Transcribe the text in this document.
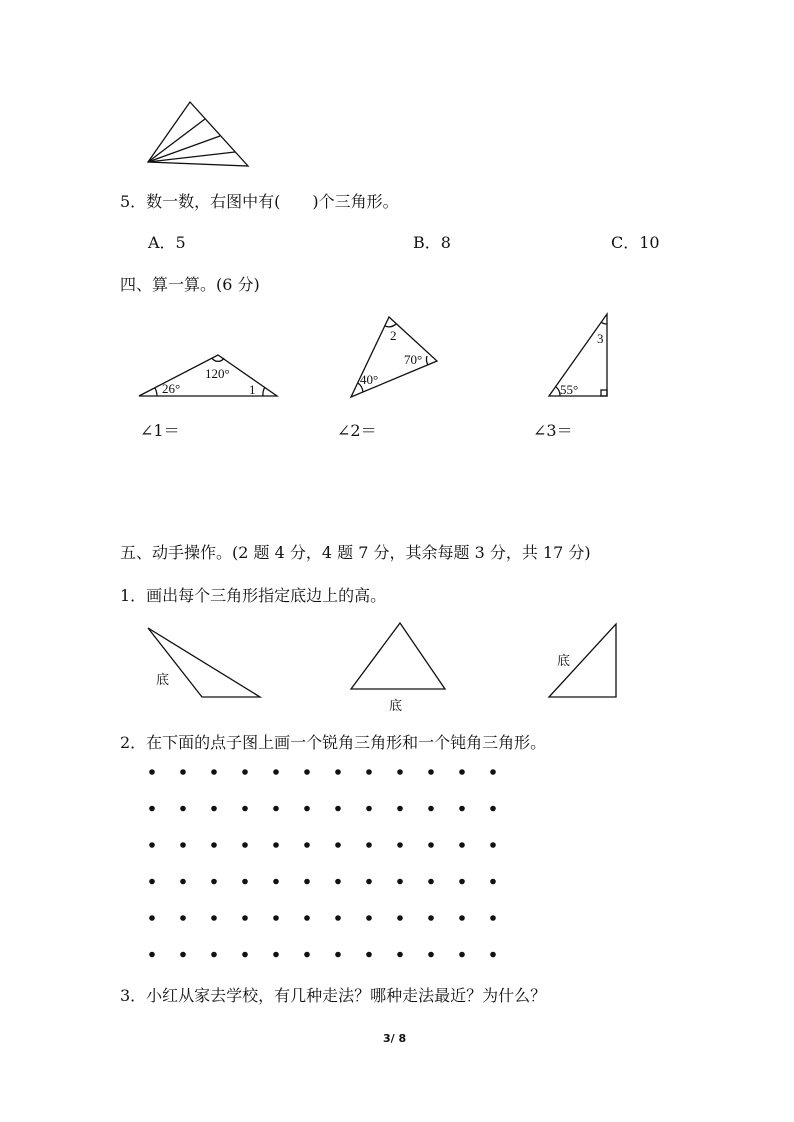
5．数一数，右图中有(　　)个三角形。
A．5	B．8	C．10
四、算一算。(6 分)
120°
26°	1
2
70°
40°
3
55°
∠1＝	∠2＝	∠3＝
五、动手操作。(2 题 4 分，4 题 7 分，其余每题 3 分，共 17 分)
1．画出每个三角形指定底边上的高。
底
底
底
2．在下面的点子图上画一个锐角三角形和一个钝角三角形。
3．小红从家去学校，有几种走法？哪种走法最近？为什么？
3/ 8
